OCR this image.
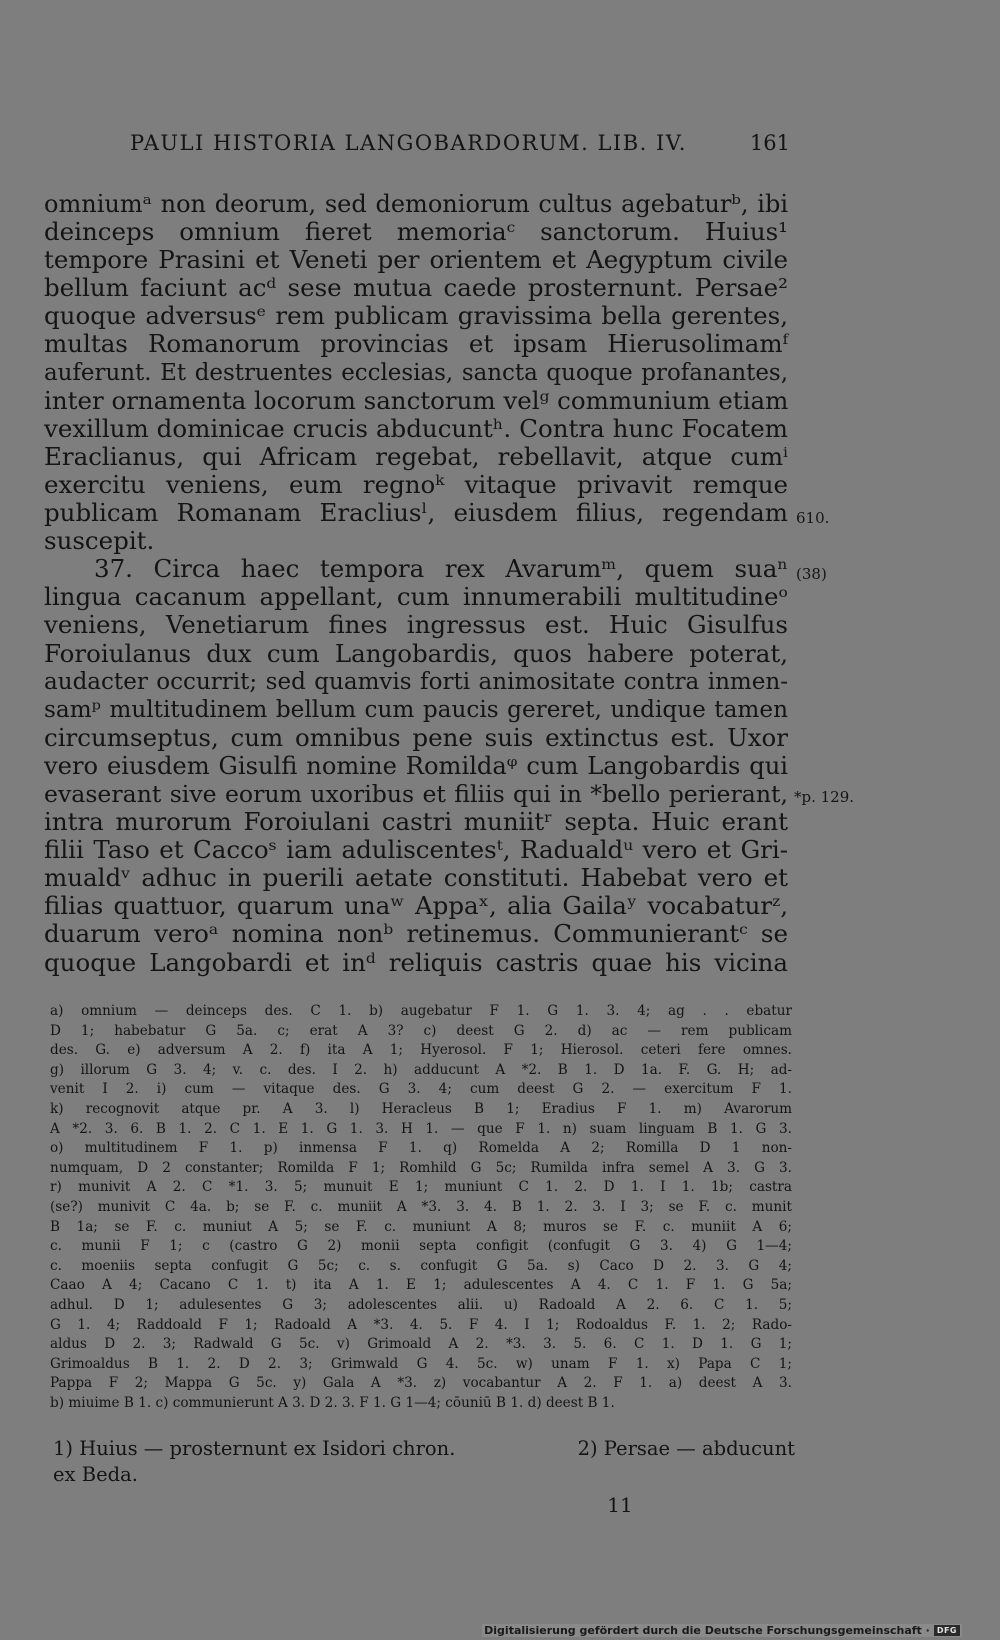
PAULI HISTORIA LANGOBARDORUM. LIB. IV.	161
omniumᵃ non deorum, sed demoniorum cultus agebaturᵇ, ibi
deinceps omnium fieret memoriaᶜ sanctorum. Huius¹
tempore Prasini et Veneti per orientem et Aegyptum civile
bellum faciunt acᵈ sese mutua caede prosternunt. Persae²
quoque adversusᵉ rem publicam gravissima bella gerentes,
multas Romanorum provincias et ipsam Hierusolimamᶠ
auferunt. Et destruentes ecclesias, sancta quoque profanantes,
inter ornamenta locorum sanctorum velᵍ communium etiam
vexillum dominicae crucis abducuntʰ. Contra hunc Focatem
Eraclianus, qui Africam regebat, rebellavit, atque cumⁱ
exercitu veniens, eum regnoᵏ vitaque privavit remque
publicam Romanam Eracliusˡ, eiusdem filius, regendam
suscepit.
37. Circa haec tempora rex Avarumᵐ, quem suaⁿ
lingua cacanum appellant, cum innumerabili multitudineᵒ
veniens, Venetiarum fines ingressus est. Huic Gisulfus
Foroiulanus dux cum Langobardis, quos habere poterat,
audacter occurrit; sed quamvis forti animositate contra inmen-
samᵖ multitudinem bellum cum paucis gereret, undique tamen
circumseptus, cum omnibus pene suis extinctus est. Uxor
vero eiusdem Gisulfi nomine Romildaᵠ cum Langobardis qui
evaserant sive eorum uxoribus et filiis qui in *bello perierant,
intra murorum Foroiulani castri muniitʳ septa. Huic erant
filii Taso et Caccoˢ iam aduliscentesᵗ, Radualdᵘ vero et Gri-
mualdᵛ adhuc in puerili aetate constituti. Habebat vero et
filias quattuor, quarum unaʷ Appaˣ, alia Gailaʸ vocabaturᶻ,
duarum veroᵃ nomina nonᵇ retinemus. Communierantᶜ se
quoque Langobardi et inᵈ reliquis castris quae his vicina
610.
(38)
*p. 129.
a) omnium — deinceps des. C 1. b) augebatur F 1. G 1. 3. 4; ag . . ebatur
D 1; habebatur G 5a. c; erat A 3? c) deest G 2. d) ac — rem publicam
des. G. e) adversum A 2. f) ita A 1; Hyerosol. F 1; Hierosol. ceteri fere omnes.
g) illorum G 3. 4; v. c. des. I 2. h) adducunt A *2. B 1. D 1a. F. G. H; ad-
venit I 2. i) cum — vitaque des. G 3. 4; cum deest G 2. — exercitum F 1.
k) recognovit atque pr. A 3. l) Heracleus B 1; Eradius F 1. m) Avarorum
A *2. 3. 6. B 1. 2. C 1. E 1. G 1. 3. H 1. — que F 1. n) suam linguam B 1. G 3.
o) multitudinem F 1. p) inmensa F 1. q) Romelda A 2; Romilla D 1 non-
numquam, D 2 constanter; Romilda F 1; Romhild G 5c; Rumilda infra semel A 3. G 3.
r) munivit A 2. C *1. 3. 5; munuit E 1; muniunt C 1. 2. D 1. I 1. 1b; castra
(se?) munivit C 4a. b; se F. c. muniit A *3. 3. 4. B 1. 2. 3. I 3; se F. c. munit
B 1a; se F. c. muniut A 5; se F. c. muniunt A 8; muros se F. c. muniit A 6;
c. munii F 1; c (castro G 2) monii septa configit (confugit G 3. 4) G 1—4;
c. moeniis septa confugit G 5c; c. s. confugit G 5a. s) Caco D 2. 3. G 4;
Caao A 4; Cacano C 1. t) ita A 1. E 1; adulescentes A 4. C 1. F 1. G 5a;
adhul. D 1; adulesentes G 3; adolescentes alii. u) Radoald A 2. 6. C 1. 5;
G 1. 4; Raddoald F 1; Radoald A *3. 4. 5. F 4. I 1; Rodoaldus F. 1. 2; Rado-
aldus D 2. 3; Radwald G 5c. v) Grimoald A 2. *3. 3. 5. 6. C 1. D 1. G 1;
Grimoaldus B 1. 2. D 2. 3; Grimwald G 4. 5c. w) unam F 1. x) Papa C 1;
Pappa F 2; Mappa G 5c. y) Gala A *3. z) vocabantur A 2. F 1. a) deest A 3.
b) miuime B 1. c) communierunt A 3. D 2. 3. F 1. G 1—4; cōuniū B 1. d) deest B 1.
1) Huius — prosternunt ex Isidori chron.	2) Persae — abducunt
ex Beda.
11
Digitalisierung gefördert durch die Deutsche Forschungsgemeinschaft · DFG
